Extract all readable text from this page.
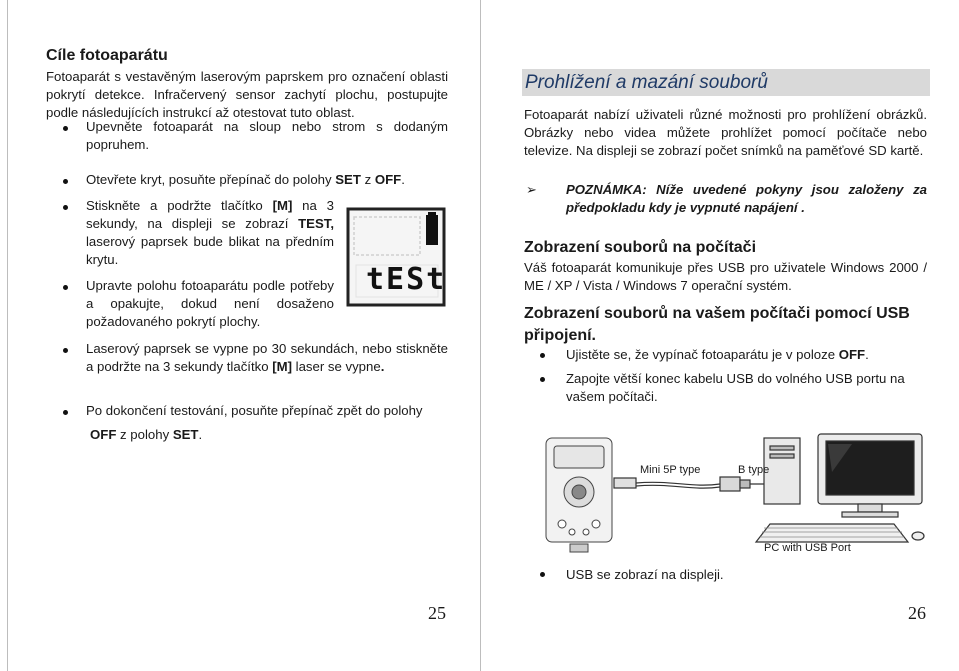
Cíle fotoaparátu

Fotoaparát s vestavěným laserovým paprskem pro označení oblasti pokrytí detekce. Infračervený sensor zachytí plochu, postupujte podle následujících instrukcí až otestovat tuto oblast.

Upevněte fotoaparát na sloup nebo strom s dodaným popruhem.

Otevřete kryt, posuňte přepínač do polohy SET z OFF.

Stiskněte a podržte tlačítko [M] na 3 sekundy, na displeji se zobrazí TEST, laserový paprsek bude blikat na předním krytu.

tESt

Upravte polohu fotoaparátu podle potřeby a opakujte, dokud není dosaženo požadovaného pokrytí plochy.

Laserový paprsek se vypne po 30 sekundách, nebo stiskněte a podržte na 3 sekundy tlačítko [M] laser se vypne.

Po dokončení testování, posuňte přepínač zpět do polohy

OFF z polohy SET.

25
Prohlížení a mazání souborů

Fotoaparát nabízí uživateli různé možnosti pro prohlížení obrázků. Obrázky nebo videa můžete prohlížet pomocí počítače nebo televize. Na displeji se zobrazí počet snímků na paměťové SD kartě.

➢ POZNÁMKA: Níže uvedené pokyny jsou založeny za předpokladu kdy je vypnuté napájení .

Zobrazení souborů na počítači

Váš fotoaparát komunikuje přes USB pro uživatele Windows 2000 / ME / XP / Vista / Windows 7 operační systém.

Zobrazení souborů na vašem počítači pomocí USB připojení.

Ujistěte se, že vypínač fotoaparátu je v poloze OFF.

Zapojte větší konec kabelu USB do volného USB portu na vašem počítači.

Mini 5P type	B type
PC with USB Port

USB se zobrazí na displeji.

26
